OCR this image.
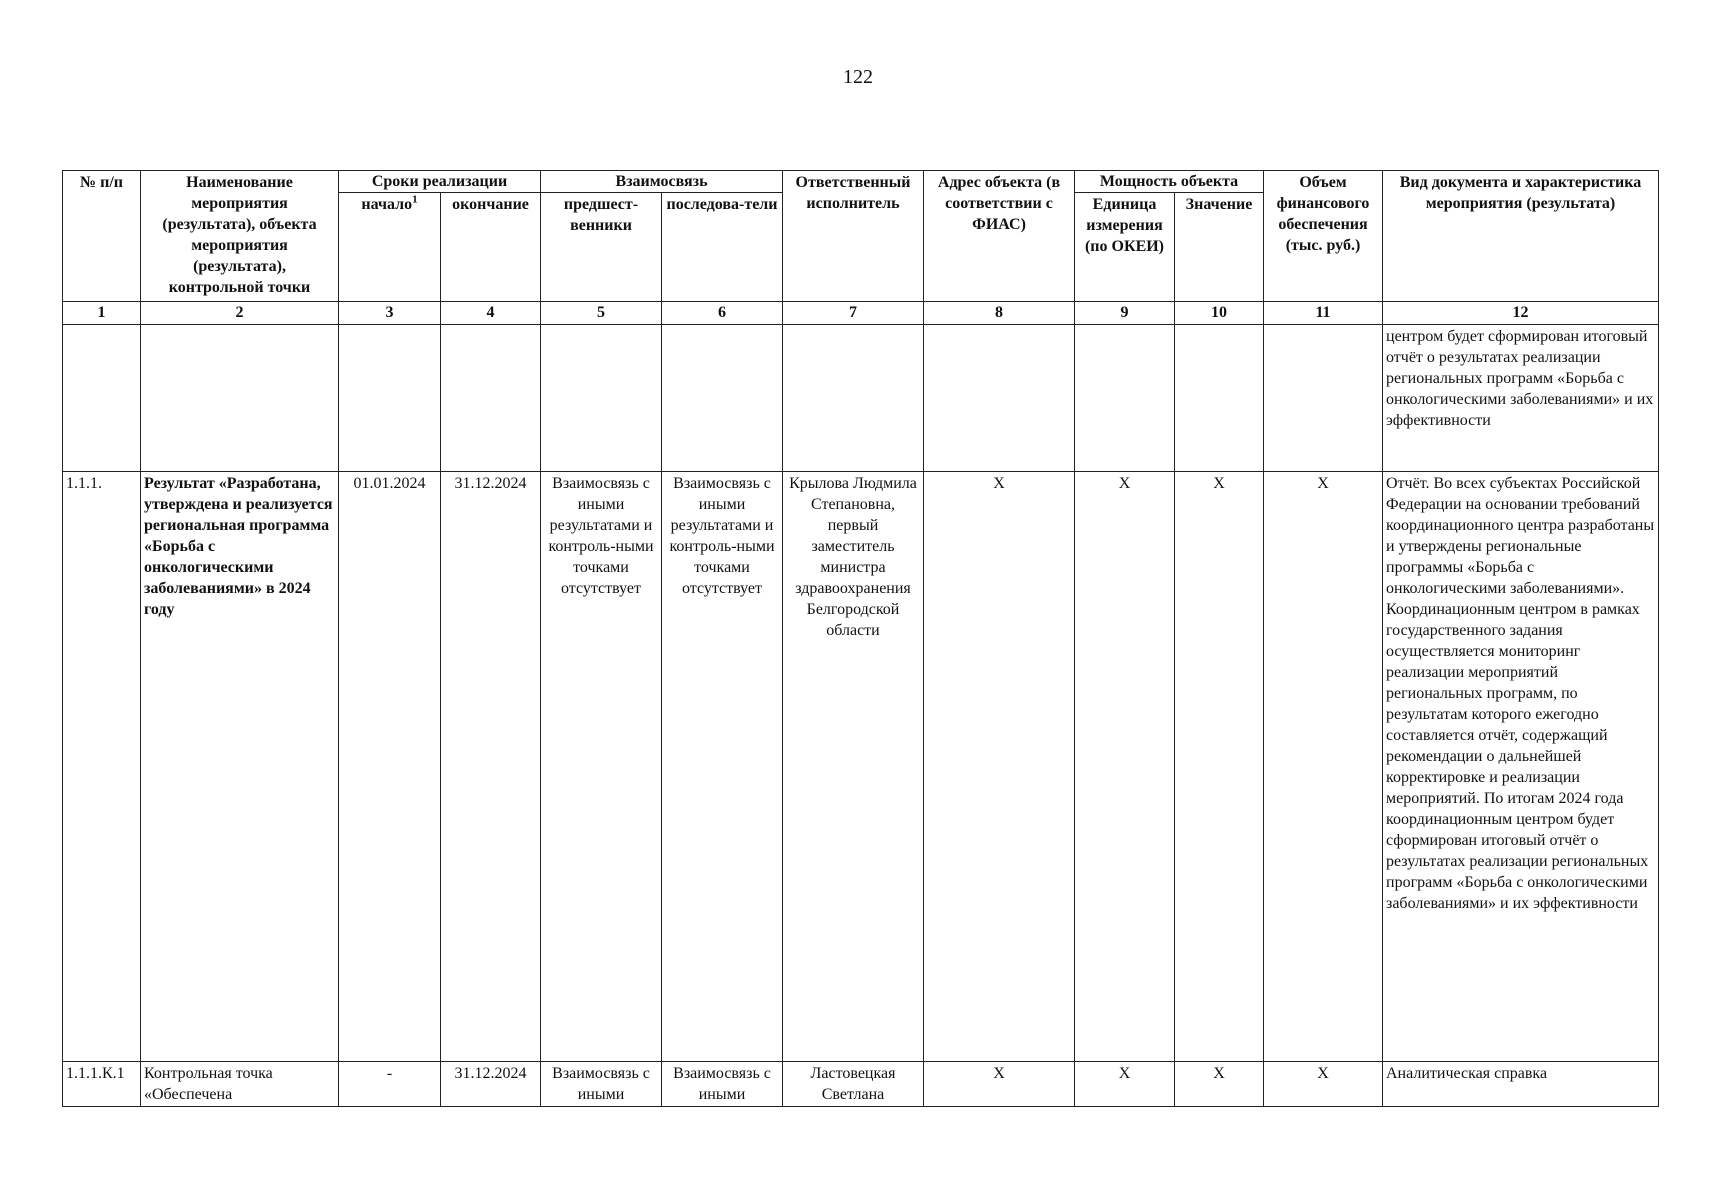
122
№ п/п	Наименование мероприятия (результата), объекта мероприятия (результата), контрольной точки	Сроки реализации		Взаимосвязь		Ответственный исполнитель	Адрес объекта (в соответствии с ФИАС)	Мощность объекта		Объем финансового обеспечения (тыс. руб.)	Вид документа и характеристика мероприятия (результата)
		начало$^1$	окончание	предшест-венники	последова-тели			Единица измерения (по ОКЕИ)	Значение		
1	2	3	4	5	6	7	8	9	10	11	12
											центром будет сформирован итоговый отчёт о результатах реализации региональных программ «Борьба с онкологическими заболеваниями» и их эффективности
1.1.1.	Результат «Разработана, утверждена и реализуется региональная программа «Борьба с онкологическими заболеваниями» в 2024 году	01.01.2024	31.12.2024	Взаимосвязь с иными результатами и контроль-ными точками отсутствует	Взаимосвязь с иными результатами и контроль-ными точками отсутствует	Крылова Людмила Степановна, первый заместитель министра здравоохранения Белгородской области	X	X	X	X	Отчёт. Во всех субъектах Российской Федерации на основании требований координационного центра разработаны и утверждены региональные программы «Борьба с онкологическими заболеваниями». Координационным центром в рамках государственного задания осуществляется мониторинг реализации мероприятий региональных программ, по результатам которого ежегодно составляется отчёт, содержащий рекомендации о дальнейшей корректировке и реализации мероприятий. По итогам 2024 года координационным центром будет сформирован итоговый отчёт о результатах реализации региональных программ «Борьба с онкологическими заболеваниями» и их эффективности
1.1.1.К.1	Контрольная точка «Обеспечена	-	31.12.2024	Взаимосвязь с иными	Взаимосвязь с иными	Ластовецкая Светлана	X	X	X	X	Аналитическая справка
